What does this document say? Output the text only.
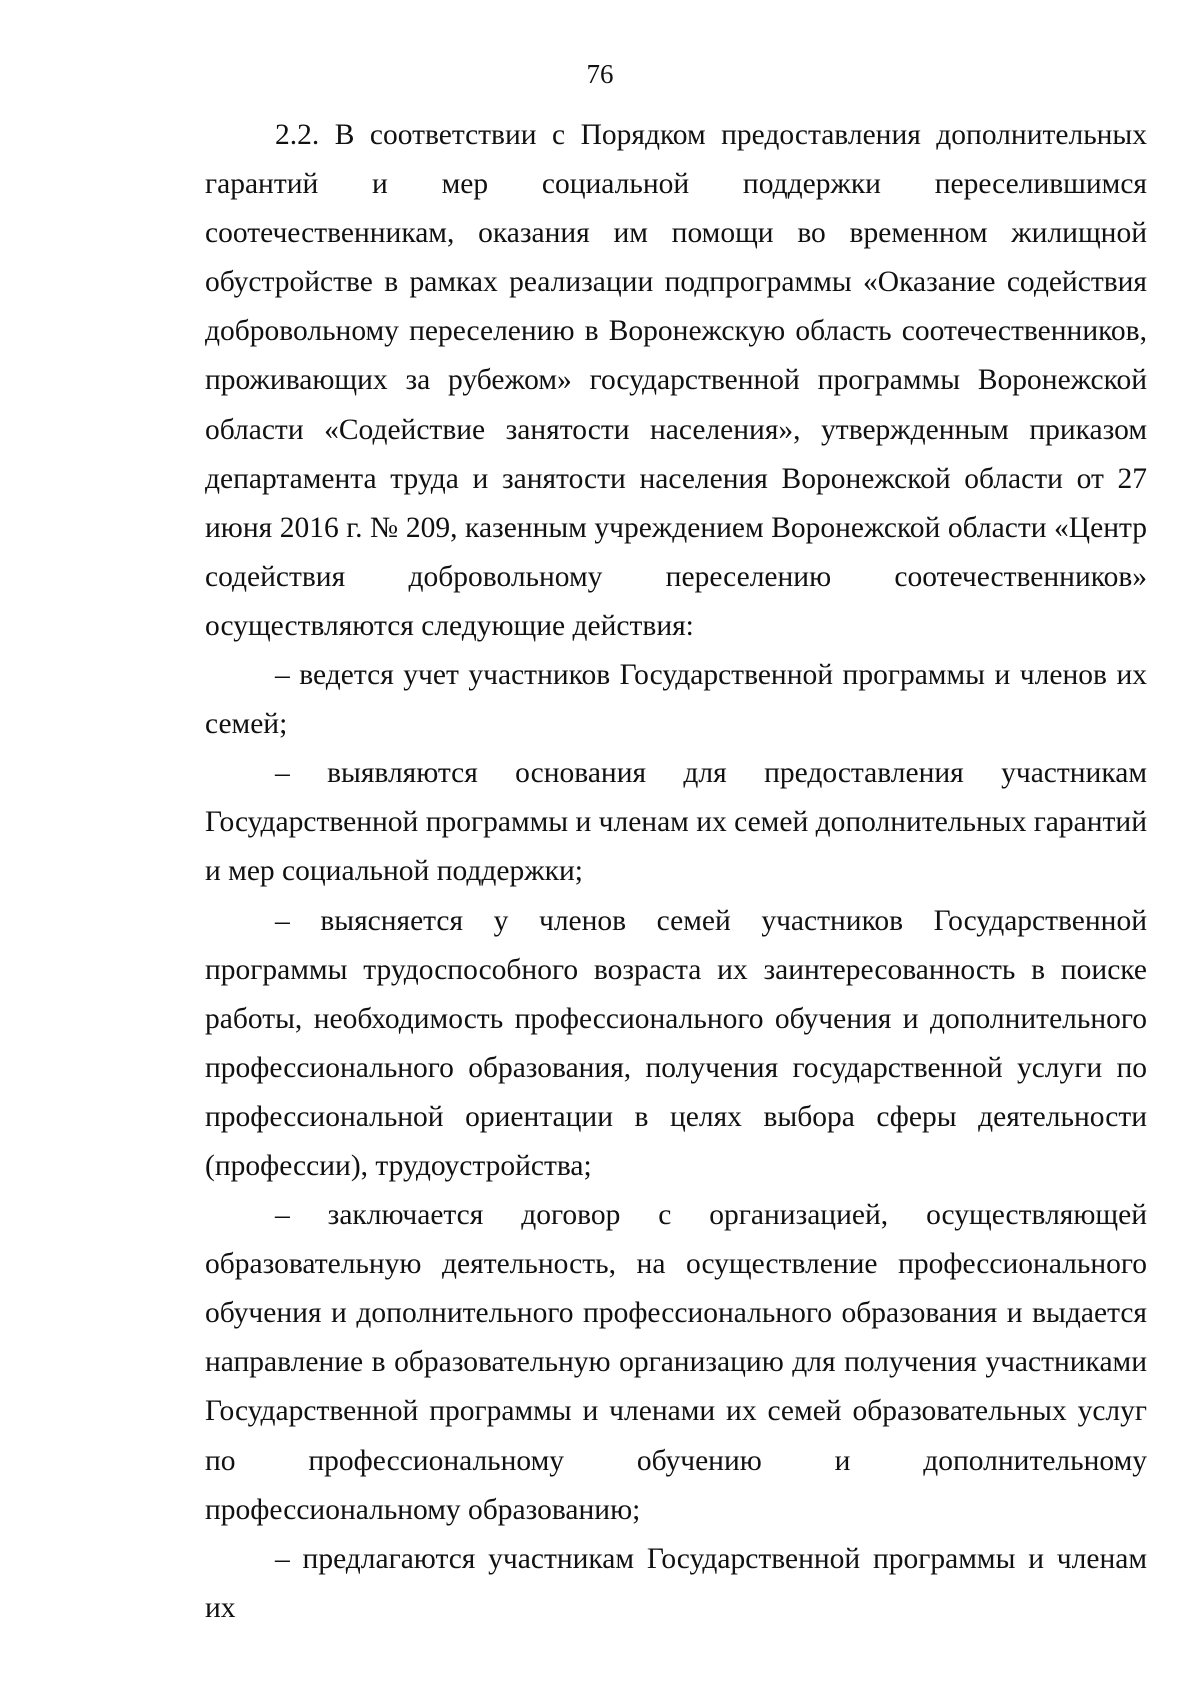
76

2.2. В соответствии с Порядком предоставления дополнительных гарантий и мер социальной поддержки переселившимся соотечественникам, оказания им помощи во временном жилищной обустройстве в рамках реализации подпрограммы «Оказание содействия добровольному переселению в Воронежскую область соотечественников, проживающих за рубежом» государственной программы Воронежской области «Содействие занятости населения», утвержденным приказом департамента труда и занятости населения Воронежской области от 27 июня 2016 г. № 209, казенным учреждением Воронежской области «Центр содействия добровольному переселению соотечественников» осуществляются следующие действия:

– ведется учет участников Государственной программы и членов их семей;

– выявляются основания для предоставления участникам Государственной программы и членам их семей дополнительных гарантий и мер социальной поддержки;

– выясняется у членов семей участников Государственной программы трудоспособного возраста их заинтересованность в поиске работы, необходимость профессионального обучения и дополнительного профессионального образования, получения государственной услуги по профессиональной ориентации в целях выбора сферы деятельности (профессии), трудоустройства;

– заключается договор с организацией, осуществляющей образовательную деятельность, на осуществление профессионального обучения и дополнительного профессионального образования и выдается направление в образовательную организацию для получения участниками Государственной программы и членами их семей образовательных услуг по профессиональному обучению и дополнительному профессиональному образованию;

– предлагаются участникам Государственной программы и членам их
